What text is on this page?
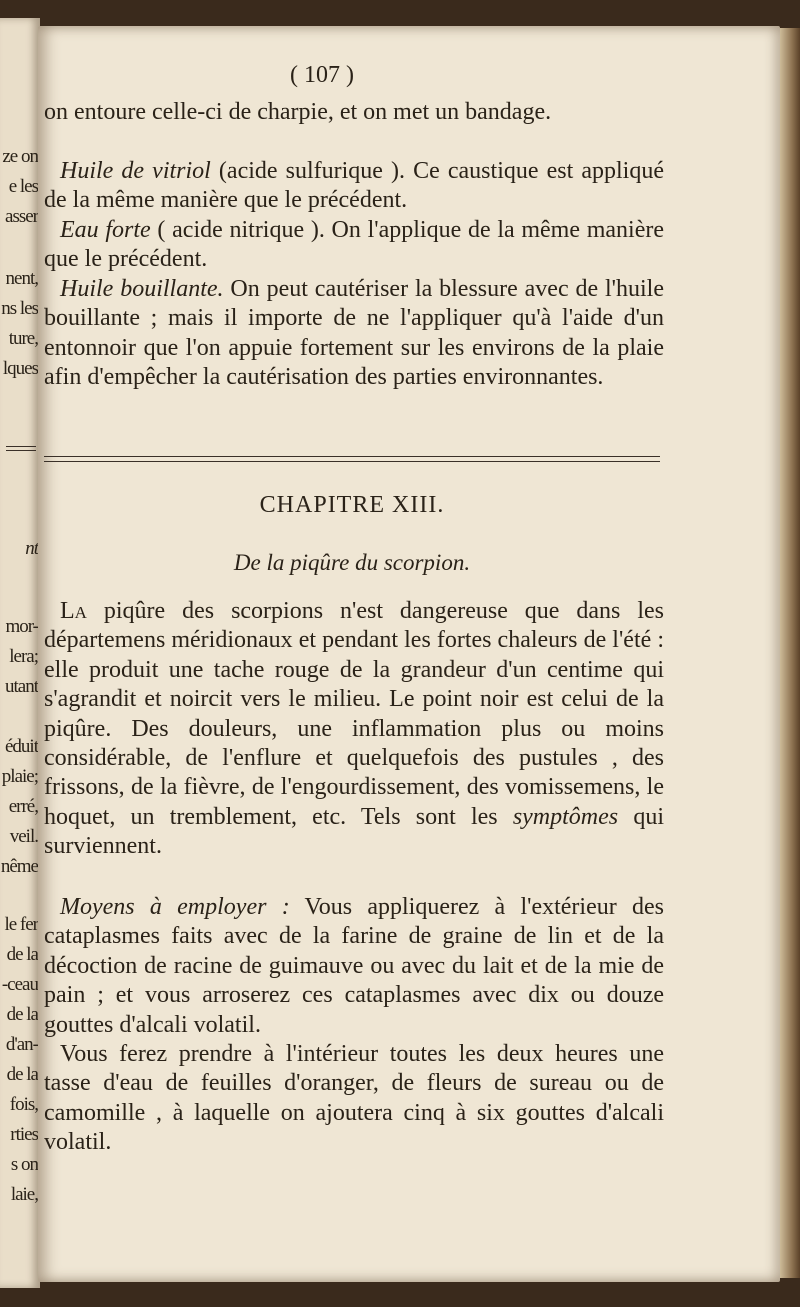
ze on
e les
asser
nent,
ns les
ture,
lques
nt
mor-
lera;
utant
éduit
plaie;
erré,
veil.
nême
le fer
de la
-ceau
de la
d'an-
de la
fois,
rties
s on
laie,
( 107 )

on entoure celle-ci de charpie, et on met un bandage.

Huile de vitriol (acide sulfurique ). Ce caustique est appliqué de la même manière que le précédent.

Eau forte ( acide nitrique ). On l'applique de la même manière que le précédent.

Huile bouillante. On peut cautériser la blessure avec de l'huile bouillante ; mais il importe de ne l'appliquer qu'à l'aide d'un entonnoir que l'on appuie fortement sur les environs de la plaie afin d'empêcher la cautérisation des parties environnantes.

CHAPITRE XIII.
De la piqûre du scorpion.

La piqûre des scorpions n'est dangereuse que dans les départemens méridionaux et pendant les fortes chaleurs de l'été : elle produit une tache rouge de la grandeur d'un centime qui s'agrandit et noircit vers le milieu. Le point noir est celui de la piqûre. Des douleurs, une inflammation plus ou moins considérable, de l'enflure et quelquefois des pustules , des frissons, de la fièvre, de l'engourdissement, des vomissemens, le hoquet, un tremblement, etc. Tels sont les symptômes qui surviennent.

Moyens à employer : Vous appliquerez à l'extérieur des cataplasmes faits avec de la farine de graine de lin et de la décoction de racine de guimauve ou avec du lait et de la mie de pain ; et vous arroserez ces cataplasmes avec dix ou douze gouttes d'alcali volatil.

Vous ferez prendre à l'intérieur toutes les deux heures une tasse d'eau de feuilles d'oranger, de fleurs de sureau ou de camomille , à laquelle on ajoutera cinq à six gouttes d'alcali volatil.
